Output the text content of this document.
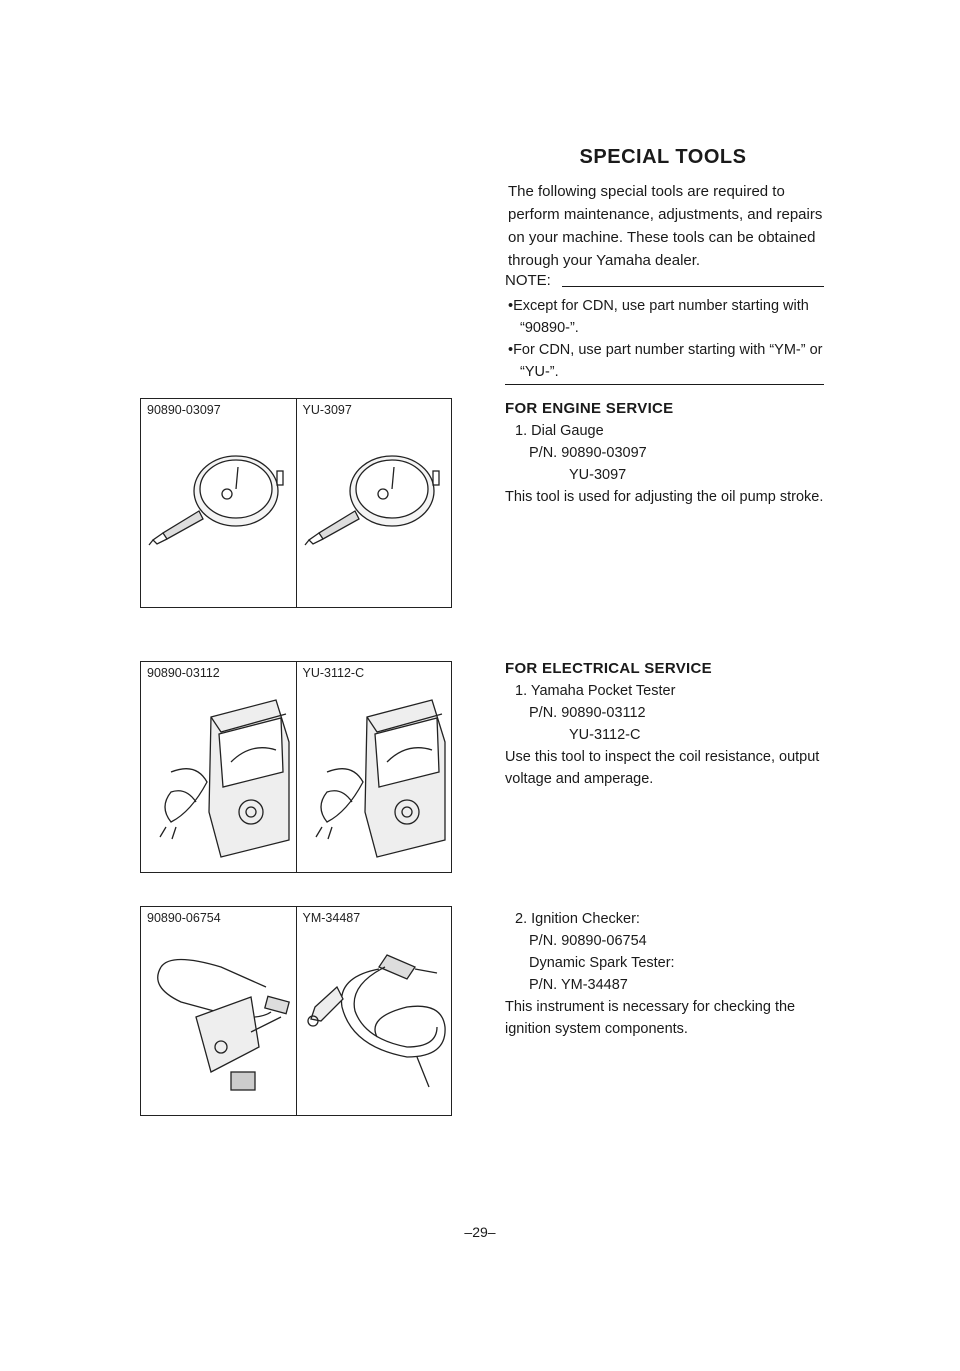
SPECIAL TOOLS

The following special tools are required to perform maintenance, adjustments, and repairs on your machine. These tools can be obtained through your Yamaha dealer.

NOTE:
•Except for CDN, use part number starting with “90890-”.
•For CDN, use part number starting with “YM-” or “YU-”.
FOR ENGINE SERVICE
1. Dial Gauge
P/N. 90890-03097
YU-3097
This tool is used for adjusting the oil pump stroke.
FOR ELECTRICAL SERVICE
1. Yamaha Pocket Tester
P/N. 90890-03112
YU-3112-C
Use this tool to inspect the coil resistance, output voltage and amperage.
2. Ignition Checker:
P/N. 90890-06754
Dynamic Spark Tester:
P/N. YM-34487
This instrument is necessary for checking the ignition system components.
90890-03097	YU-3097
90890-03112	YU-3112-C
90890-06754	YM-34487
–29–
